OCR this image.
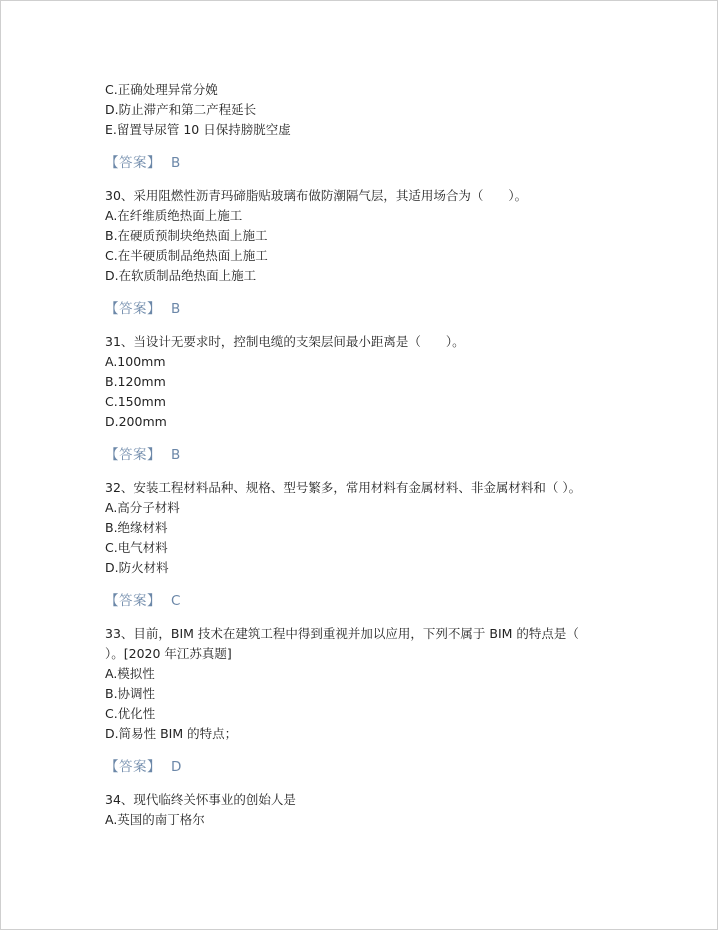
C.正确处理异常分娩
D.防止滞产和第二产程延长
E.留置导尿管 10 日保持膀胱空虚
【答案】 B
30、采用阻燃性沥青玛碲脂贴玻璃布做防潮隔气层，其适用场合为（　　）。
A.在纤维质绝热面上施工
B.在硬质预制块绝热面上施工
C.在半硬质制品绝热面上施工
D.在软质制品绝热面上施工
【答案】 B
31、当设计无要求时，控制电缆的支架层间最小距离是（　　）。
A.100mm
B.120mm
C.150mm
D.200mm
【答案】 B
32、安装工程材料品种、规格、型号繁多，常用材料有金属材料、非金属材料和（ ）。
A.高分子材料
B.绝缘材料
C.电气材料
D.防火材料
【答案】 C
33、目前，BIM 技术在建筑工程中得到重视并加以应用，下列不属于 BIM 的特点是（
）。[2020 年江苏真题]
A.模拟性
B.协调性
C.优化性
D.简易性 BIM 的特点；
【答案】 D
34、现代临终关怀事业的创始人是
A.英国的南丁格尔
